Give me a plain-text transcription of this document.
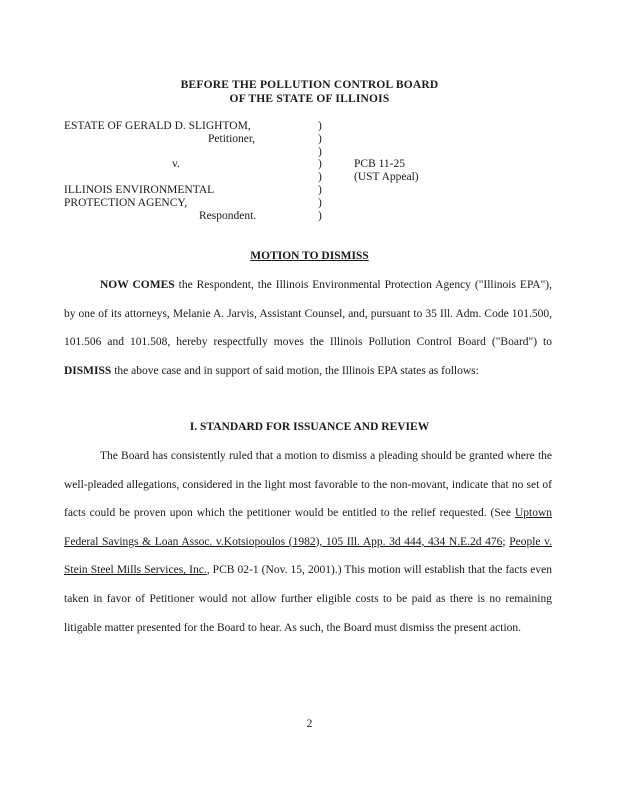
BEFORE THE POLLUTION CONTROL BOARD
OF THE STATE OF ILLINOIS
ESTATE OF GERALD D. SLIGHTOM,	)
Petitioner,	)
)
v.	)	PCB 11-25
)	(UST Appeal)
ILLINOIS ENVIRONMENTAL	)
PROTECTION AGENCY,	)
Respondent.	)
MOTION TO DISMISS
NOW COMES the Respondent, the Illinois Environmental Protection Agency ("Illinois EPA"), by one of its attorneys, Melanie A. Jarvis, Assistant Counsel, and, pursuant to 35 Ill. Adm. Code 101.500, 101.506 and 101.508, hereby respectfully moves the Illinois Pollution Control Board ("Board") to DISMISS the above case and in support of said motion, the Illinois EPA states as follows:
I. STANDARD FOR ISSUANCE AND REVIEW
The Board has consistently ruled that a motion to dismiss a pleading should be granted where the well-pleaded allegations, considered in the light most favorable to the non-movant, indicate that no set of facts could be proven upon which the petitioner would be entitled to the relief requested. (See Uptown Federal Savings & Loan Assoc. v.Kotsiopoulos (1982), 105 Ill. App. 3d 444, 434 N.E.2d 476; People v. Stein Steel Mills Services, Inc., PCB 02-1 (Nov. 15, 2001).) This motion will establish that the facts even taken in favor of Petitioner would not allow further eligible costs to be paid as there is no remaining litigable matter presented for the Board to hear. As such, the Board must dismiss the present action.
2
